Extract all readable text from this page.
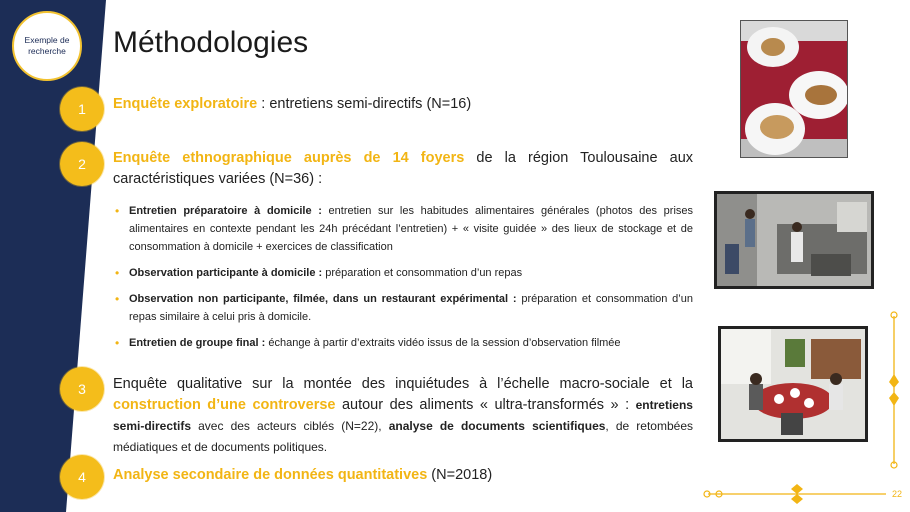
Exemple de recherche	Méthodologies
1	Enquête exploratoire : entretiens semi-directifs (N=16)
2	Enquête ethnographique auprès de 14 foyers de la région Toulousaine aux caractéristiques variées (N=36) :
• Entretien préparatoire à domicile : entretien sur les habitudes alimentaires générales (photos des prises alimentaires en contexte pendant les 24h précédant l’entretien) + « visite guidée » des lieux de stockage et de consommation à domicile + exercices de classification
• Observation participante à domicile : préparation et consommation d’un repas
• Observation non participante, filmée, dans un restaurant expérimental : préparation et consommation d’un repas similaire à celui pris à domicile.
• Entretien de groupe final : échange à partir d’extraits vidéo issus de la session d’observation filmée
3	Enquête qualitative sur la montée des inquiétudes à l’échelle macro-sociale et la construction d’une controverse autour des aliments « ultra-transformés » : entretiens semi-directifs avec des acteurs ciblés (N=22), analyse de documents scientifiques, de retombées médiatiques et de documents politiques.
4	Analyse secondaire de données quantitatives (N=2018)
22
